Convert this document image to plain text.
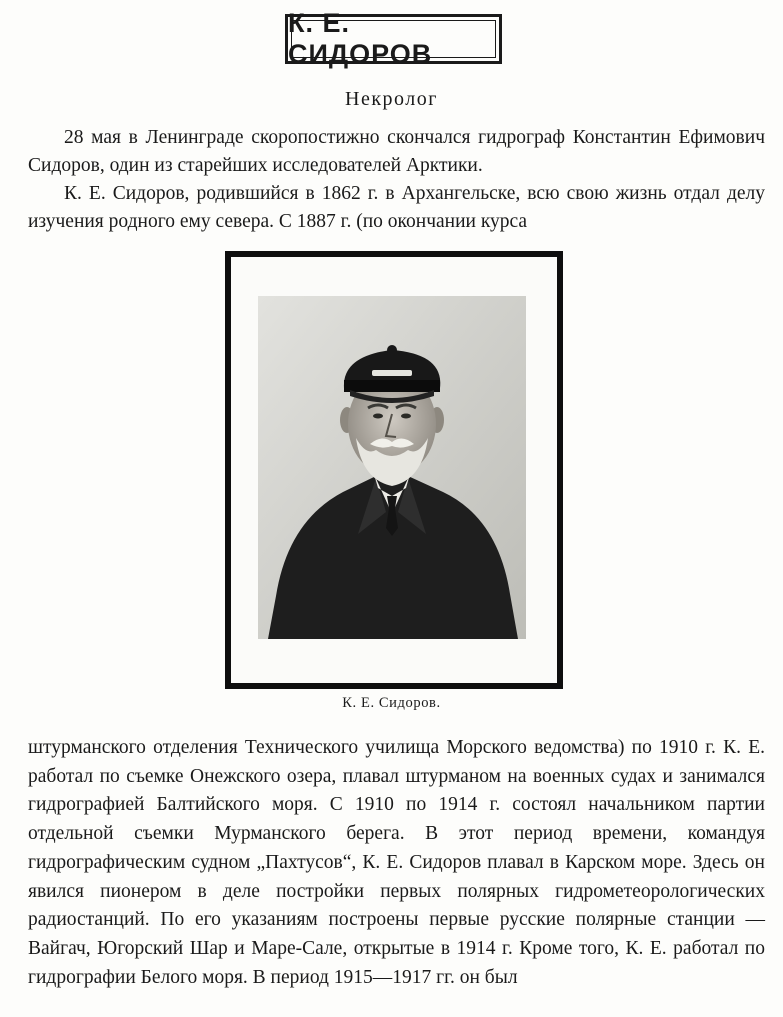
К. Е. СИДОРОВ
Некролог

28 мая в Ленинграде скоропостижно скончался гидрограф Константин Ефимович Сидоров, один из старейших исследователей Арктики.

К. Е. Сидоров, родившийся в 1862 г. в Архангельске, всю свою жизнь отдал делу изучения родного ему севера. С 1887 г. (по окончании курса

К. Е. Сидоров.

штурманского отделения Технического училища Морского ведомства) по 1910 г. К. Е. работал по съемке Онежского озера, плавал штурманом на военных судах и занимался гидрографией Балтийского моря. С 1910 по 1914 г. состоял начальником партии отдельной съемки Мурманского берега. В этот период времени, командуя гидрографическим судном „Пахтусов“, К. Е. Сидоров плавал в Карском море. Здесь он явился пионером в деле постройки первых полярных гидрометеорологических радиостанций. По его указаниям построены первые русские полярные станции — Вайгач, Югорский Шар и Маре-Сале, открытые в 1914 г. Кроме того, К. Е. работал по гидрографии Белого моря. В период 1915—1917 гг. он был
